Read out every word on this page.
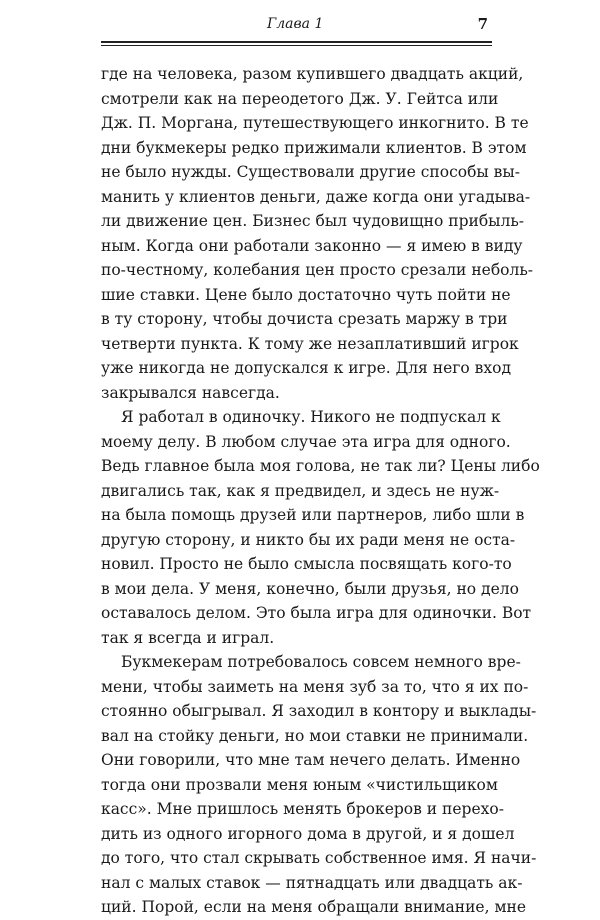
Глава 1	7
где на человека, разом купившего двадцать акций,
смотрели как на переодетого Дж. У. Гейтса или
Дж. П. Моргана, путешествующего инкогнито. В те
дни букмекеры редко прижимали клиентов. В этом
не было нужды. Существовали другие способы вы-
манить у клиентов деньги, даже когда они угадыва-
ли движение цен. Бизнес был чудовищно прибыль-
ным. Когда они работали законно — я имею в виду
по-честному, колебания цен просто срезали неболь-
шие ставки. Цене было достаточно чуть пойти не
в ту сторону, чтобы дочиста срезать маржу в три
четверти пункта. К тому же незаплативший игрок
уже никогда не допускался к игре. Для него вход
закрывался навсегда.
Я работал в одиночку. Никого не подпускал к
моему делу. В любом случае эта игра для одного.
Ведь главное была моя голова, не так ли? Цены либо
двигались так, как я предвидел, и здесь не нуж-
на была помощь друзей или партнеров, либо шли в
другую сторону, и никто бы их ради меня не оста-
новил. Просто не было смысла посвящать кого-то
в мои дела. У меня, конечно, были друзья, но дело
оставалось делом. Это была игра для одиночки. Вот
так я всегда и играл.
Букмекерам потребовалось совсем немного вре-
мени, чтобы заиметь на меня зуб за то, что я их по-
стоянно обыгрывал. Я заходил в контору и выклады-
вал на стойку деньги, но мои ставки не принимали.
Они говорили, что мне там нечего делать. Именно
тогда они прозвали меня юным «чистильщиком
касс». Мне пришлось менять брокеров и перехо-
дить из одного игорного дома в другой, и я дошел
до того, что стал скрывать собственное имя. Я начи-
нал с малых ставок — пятнадцать или двадцать ак-
ций. Порой, если на меня обращали внимание, мне
